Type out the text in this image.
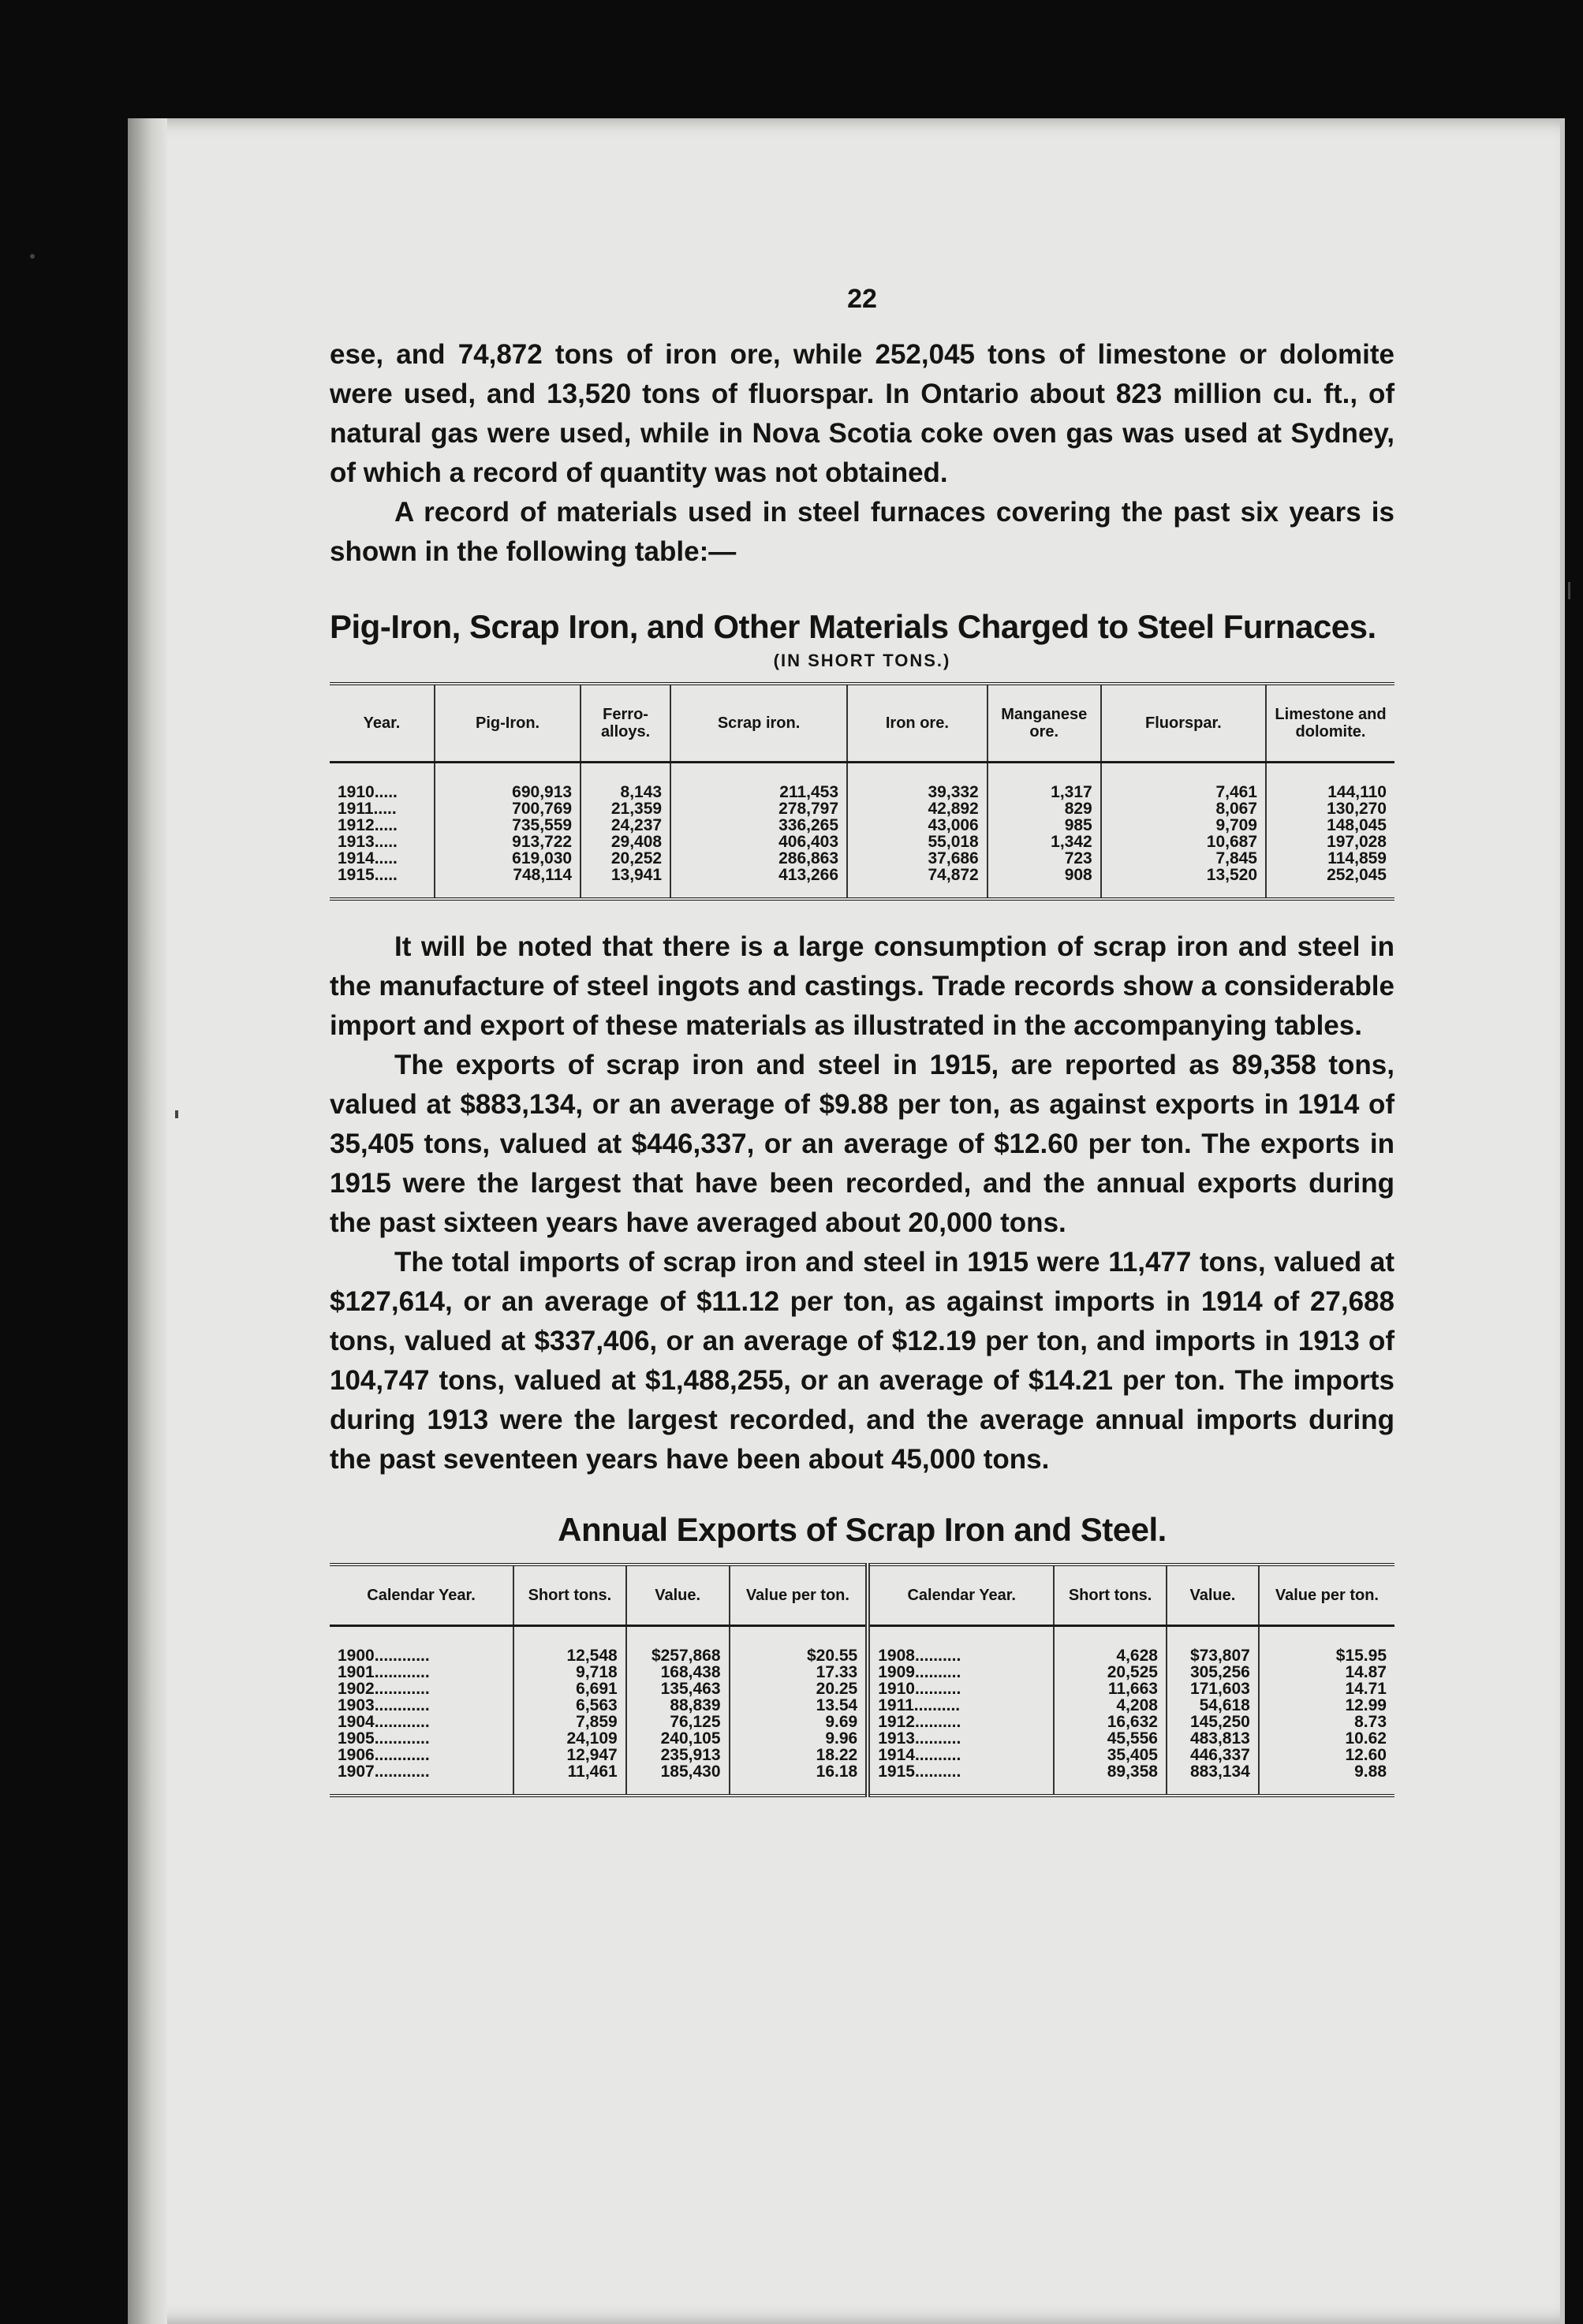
22

ese, and 74,872 tons of iron ore, while 252,045 tons of limestone or dolomite were used, and 13,520 tons of fluorspar. In Ontario about 823 million cu. ft., of natural gas were used, while in Nova Scotia coke oven gas was used at Sydney, of which a record of quantity was not obtained.

A record of materials used in steel furnaces covering the past six years is shown in the following table:—

Pig-Iron, Scrap Iron, and Other Materials Charged to Steel Furnaces.
(IN SHORT TONS.)
Year.	Pig-Iron.	Ferro-alloys.	Scrap iron.	Iron ore.	Manganese ore.	Fluorspar.	Limestone and dolomite.
1910.....	690,913	8,143	211,453	39,332	1,317	7,461	144,110
1911.....	700,769	21,359	278,797	42,892	829	8,067	130,270
1912.....	735,559	24,237	336,265	43,006	985	9,709	148,045
1913.....	913,722	29,408	406,403	55,018	1,342	10,687	197,028
1914.....	619,030	20,252	286,863	37,686	723	7,845	114,859
1915.....	748,114	13,941	413,266	74,872	908	13,520	252,045

It will be noted that there is a large consumption of scrap iron and steel in the manufacture of steel ingots and castings. Trade records show a considerable import and export of these materials as illustrated in the accompanying tables.

The exports of scrap iron and steel in 1915, are reported as 89,358 tons, valued at $883,134, or an average of $9.88 per ton, as against exports in 1914 of 35,405 tons, valued at $446,337, or an average of $12.60 per ton. The exports in 1915 were the largest that have been recorded, and the annual exports during the past sixteen years have averaged about 20,000 tons.

The total imports of scrap iron and steel in 1915 were 11,477 tons, valued at $127,614, or an average of $11.12 per ton, as against imports in 1914 of 27,688 tons, valued at $337,406, or an average of $12.19 per ton, and imports in 1913 of 104,747 tons, valued at $1,488,255, or an average of $14.21 per ton. The imports during 1913 were the largest recorded, and the average annual imports during the past seventeen years have been about 45,000 tons.

Annual Exports of Scrap Iron and Steel.
Calendar Year.	Short tons.	Value.	Value per ton.	Calendar Year.	Short tons.	Value.	Value per ton.
1900............	12,548	$257,868	$20.55	1908..........	4,628	$73,807	$15.95
1901............	9,718	168,438	17.33	1909..........	20,525	305,256	14.87
1902............	6,691	135,463	20.25	1910..........	11,663	171,603	14.71
1903............	6,563	88,839	13.54	1911..........	4,208	54,618	12.99
1904............	7,859	76,125	9.69	1912..........	16,632	145,250	8.73
1905............	24,109	240,105	9.96	1913..........	45,556	483,813	10.62
1906............	12,947	235,913	18.22	1914..........	35,405	446,337	12.60
1907............	11,461	185,430	16.18	1915..........	89,358	883,134	9.88
